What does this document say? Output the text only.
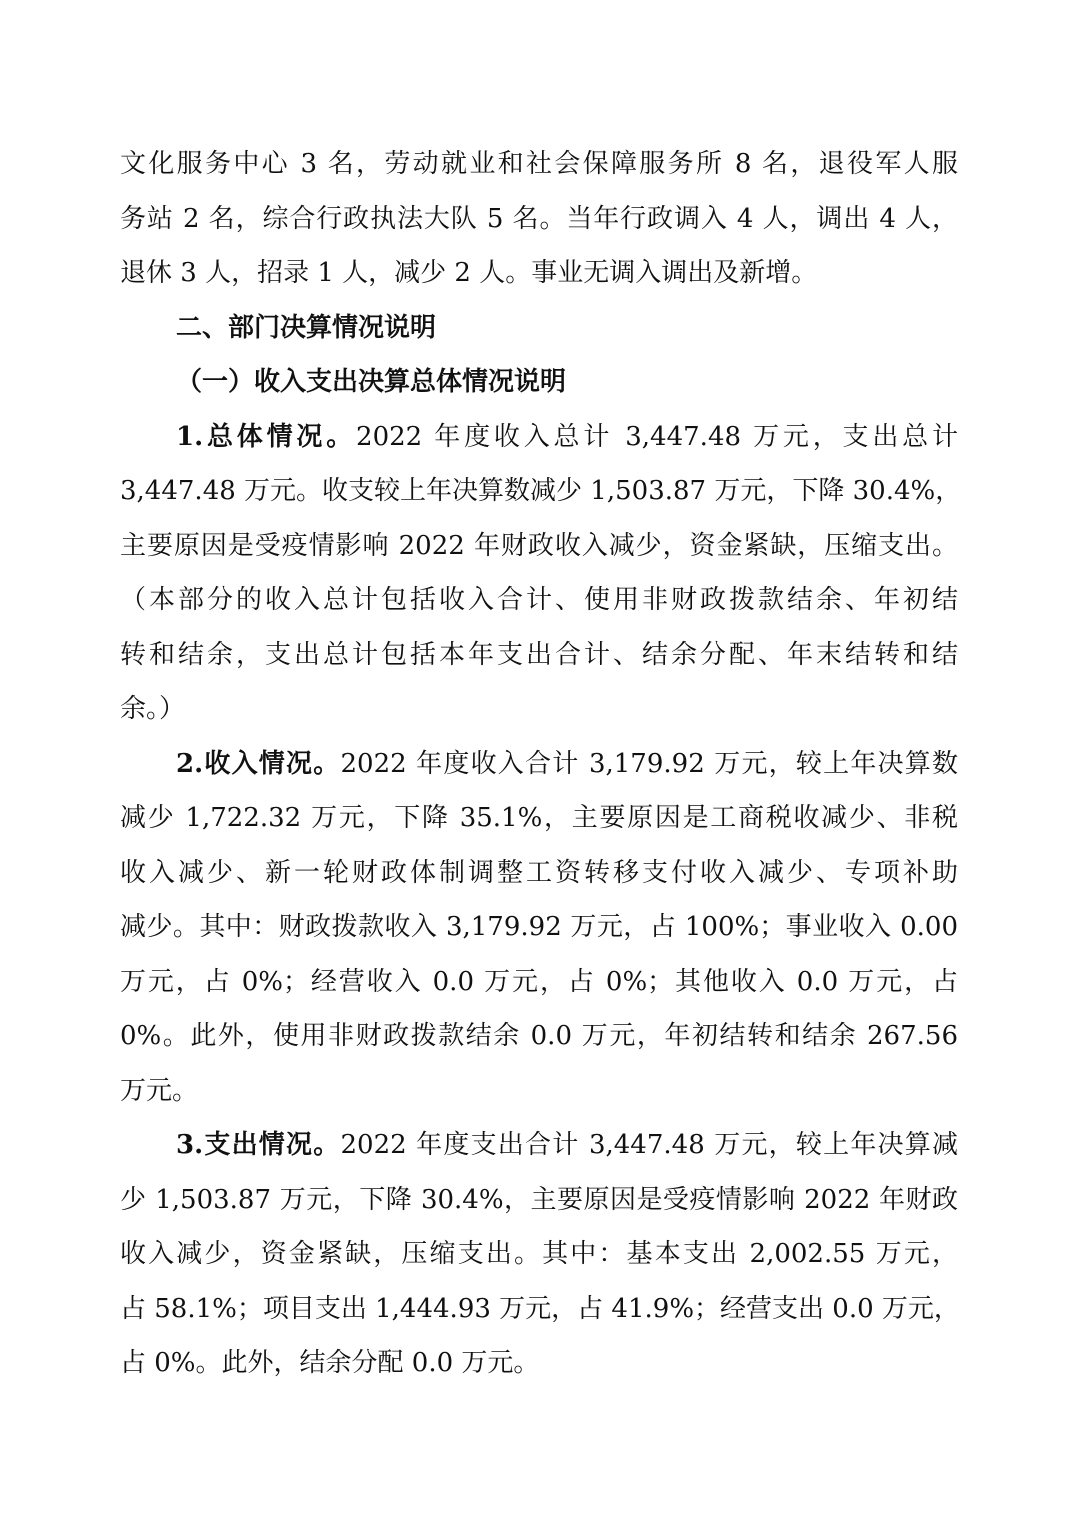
文化服务中心 3 名，劳动就业和社会保障服务所 8 名，退役军人服
务站 2 名，综合行政执法大队 5 名。当年行政调入 4 人，调出 4 人，
退休 3 人，招录 1 人，减少 2 人。事业无调入调出及新增。
二、部门决算情况说明
（一）收入支出决算总体情况说明
1.总体情况。2022 年度收入总计 3,447.48 万元，支出总计
3,447.48 万元。收支较上年决算数减少 1,503.87 万元，下降 30.4%，
主要原因是受疫情影响 2022 年财政收入减少，资金紧缺，压缩支出。
（本部分的收入总计包括收入合计、使用非财政拨款结余、年初结
转和结余，支出总计包括本年支出合计、结余分配、年末结转和结
余。）
2.收入情况。2022 年度收入合计 3,179.92 万元，较上年决算数
减少 1,722.32 万元，下降 35.1%，主要原因是工商税收减少、非税
收入减少、新一轮财政体制调整工资转移支付收入减少、专项补助
减少。其中：财政拨款收入 3,179.92 万元，占 100%；事业收入 0.00
万元，占 0%；经营收入 0.0 万元，占 0%；其他收入 0.0 万元，占
0%。此外，使用非财政拨款结余 0.0 万元，年初结转和结余 267.56
万元。
3.支出情况。2022 年度支出合计 3,447.48 万元，较上年决算减
少 1,503.87 万元，下降 30.4%，主要原因是受疫情影响 2022 年财政
收入减少，资金紧缺，压缩支出。其中：基本支出 2,002.55 万元，
占 58.1%；项目支出 1,444.93 万元，占 41.9%；经营支出 0.0 万元，
占 0%。此外，结余分配 0.0 万元。
